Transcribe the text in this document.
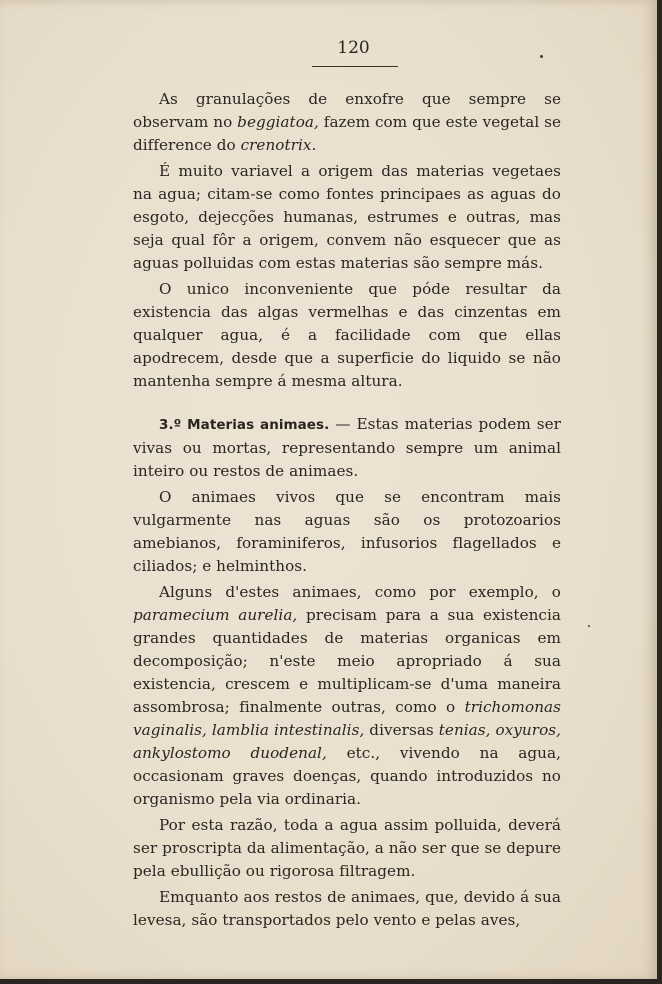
120

As granulações de enxofre que sempre se observam no beggiatoa, fazem com que este vegetal se difference do crenotrix.

É muito variavel a origem das materias vegetaes na agua; citam-se como fontes principaes as aguas do esgoto, dejecções humanas, estrumes e outras, mas seja qual fôr a origem, convem não esquecer que as aguas polluidas com estas materias são sempre más.

O unico inconveniente que póde resultar da existencia das algas vermelhas e das cinzentas em qualquer agua, é a facilidade com que ellas apodrecem, desde que a superficie do liquido se não mantenha sempre á mesma altura.

3.º Materias animaes. — Estas materias podem ser vivas ou mortas, representando sempre um animal inteiro ou restos de animaes.

O animaes vivos que se encontram mais vulgarmente nas aguas são os protozoarios amebianos, foraminiferos, infusorios flagellados e ciliados; e helminthos.

Alguns d'estes animaes, como por exemplo, o paramecium aurelia, precisam para a sua existencia grandes quantidades de materias organicas em decomposição; n'este meio apropriado á sua existencia, crescem e multiplicam-se d'uma maneira assombrosa; finalmente outras, como o trichomonas vaginalis, lamblia intestinalis, diversas tenias, oxyuros, ankylostomo duodenal, etc., vivendo na agua, occasionam graves doenças, quando introduzidos no organismo pela via ordinaria.

Por esta razão, toda a agua assim polluida, deverá ser proscripta da alimentação, a não ser que se depure pela ebullição ou rigorosa filtragem.

Emquanto aos restos de animaes, que, devido á sua levesa, são transportados pelo vento e pelas aves,
